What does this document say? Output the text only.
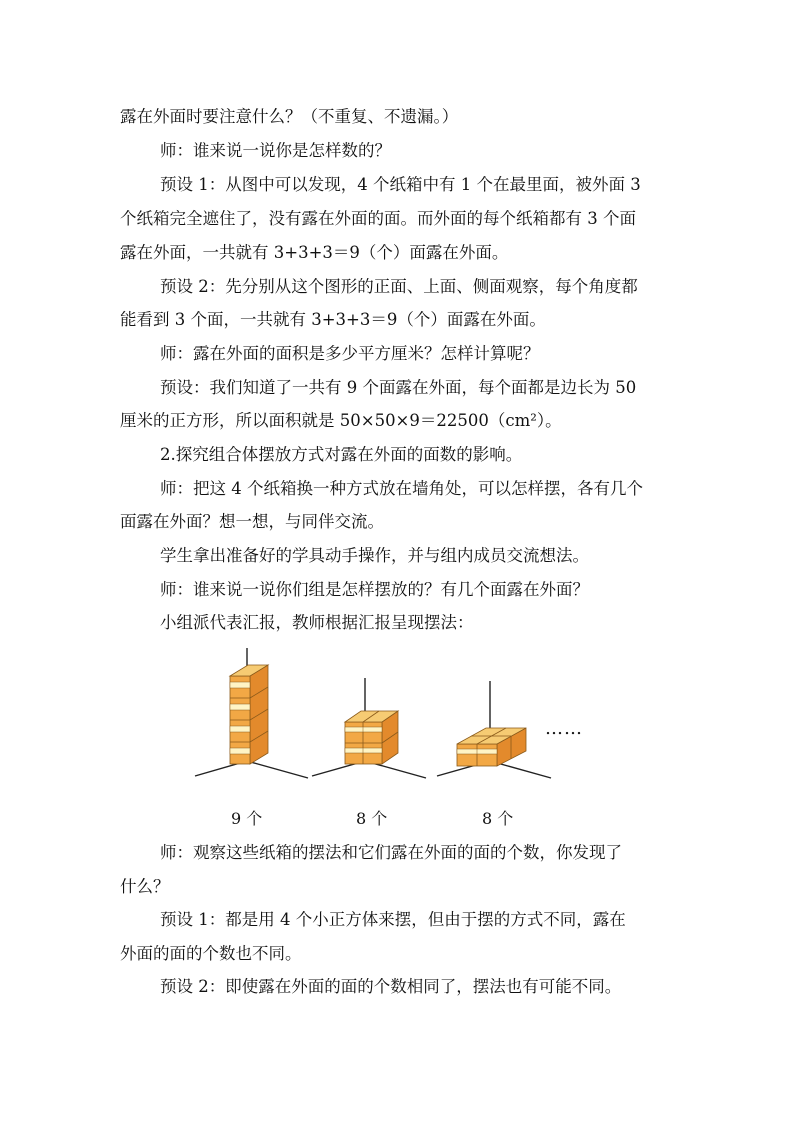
露在外面时要注意什么？（不重复、不遗漏。）
师：谁来说一说你是怎样数的？
预设 1：从图中可以发现，4 个纸箱中有 1 个在最里面，被外面 3
个纸箱完全遮住了，没有露在外面的面。而外面的每个纸箱都有 3 个面
露在外面，一共就有 3+3+3＝9（个）面露在外面。
预设 2：先分别从这个图形的正面、上面、侧面观察，每个角度都
能看到 3 个面，一共就有 3+3+3＝9（个）面露在外面。
师：露在外面的面积是多少平方厘米？怎样计算呢？
预设：我们知道了一共有 9 个面露在外面，每个面都是边长为 50
厘米的正方形，所以面积就是 50×50×9＝22500（cm²）。
2.探究组合体摆放方式对露在外面的面数的影响。
师：把这 4 个纸箱换一种方式放在墙角处，可以怎样摆，各有几个
面露在外面？想一想，与同伴交流。
学生拿出准备好的学具动手操作，并与组内成员交流想法。
师：谁来说一说你们组是怎样摆放的？有几个面露在外面？
小组派代表汇报，教师根据汇报呈现摆法：
……
9 个	8 个	8 个
师：观察这些纸箱的摆法和它们露在外面的面的个数，你发现了
什么？
预设 1：都是用 4 个小正方体来摆，但由于摆的方式不同，露在
外面的面的个数也不同。
预设 2：即使露在外面的面的个数相同了，摆法也有可能不同。
